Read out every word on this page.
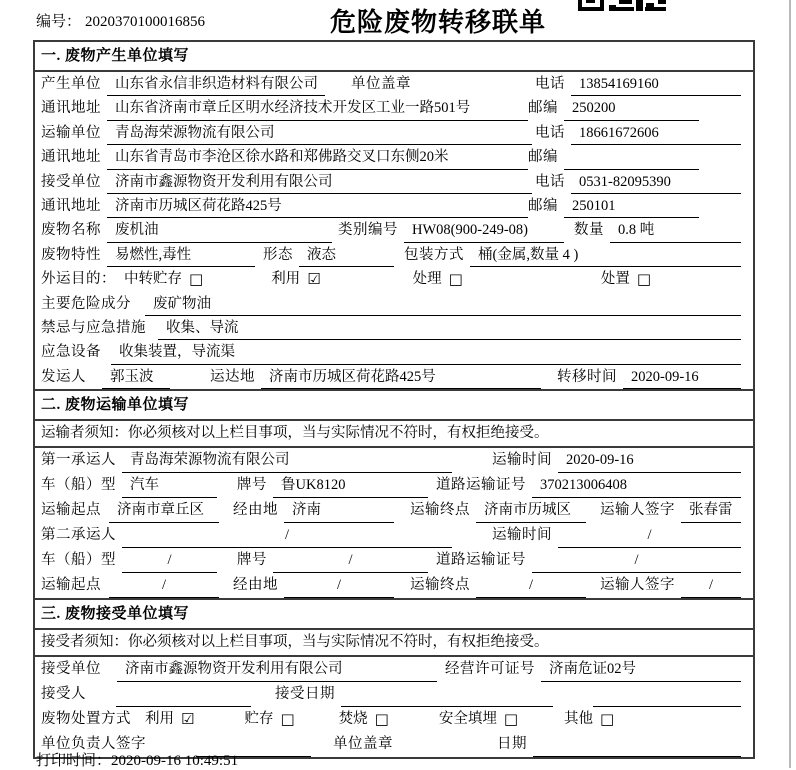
编号： 2020370100016856	危险废物转移联单
一. 废物产生单位填写
产生单位 山东省永信非织造材料有限公司	单位盖章	电话 13854169160
通讯地址 山东省济南市章丘区明水经济技术开发区工业一路501号	邮编 250200
运输单位 青岛海荣源物流有限公司	电话 18661672606
通讯地址 山东省青岛市李沧区徐水路和郑佛路交叉口东侧20米	邮编
接受单位 济南市鑫源物资开发利用有限公司	电话 0531-82095390
通讯地址 济南市历城区荷花路425号	邮编 250101
废物名称 废机油	类别编号 HW08(900-249-08)	数量 0.8 吨
废物特性 易燃性,毒性	形态 液态	包装方式 桶(金属,数量 4 )
外运目的： 中转贮存 □	利用 ☑	处理 □	处置 □
主要危险成分	废矿物油
禁忌与应急措施	收集、导流
应急设备	收集装置，导流渠
发运人	郭玉波	运达地 济南市历城区荷花路425号	转移时间 2020-09-16
二. 废物运输单位填写
运输者须知：你必须核对以上栏目事项，当与实际情况不符时，有权拒绝接受。
第一承运人 青岛海荣源物流有限公司	运输时间 2020-09-16
车（船）型 汽车	牌号 鲁UK8120	道路运输证号 370213006408
运输起点	济南市章丘区	经由地 济南	运输终点 济南市历城区	运输人签字 张春雷
第二承运人	/	运输时间	/
车（船）型	/	牌号	/	道路运输证号	/
运输起点	/	经由地	/	运输终点	/	运输人签字	/
三. 废物接受单位填写
接受者须知：你必须核对以上栏目事项，当与实际情况不符时，有权拒绝接受。
接受单位	济南市鑫源物资开发利用有限公司	经营许可证号 济南危证02号
接受人	接受日期
废物处置方式 利用 ☑	贮存 □	焚烧 □	安全填埋 □	其他 □
单位负责人签字	单位盖章	日期
打印时间：2020-09-16 10:49:51
